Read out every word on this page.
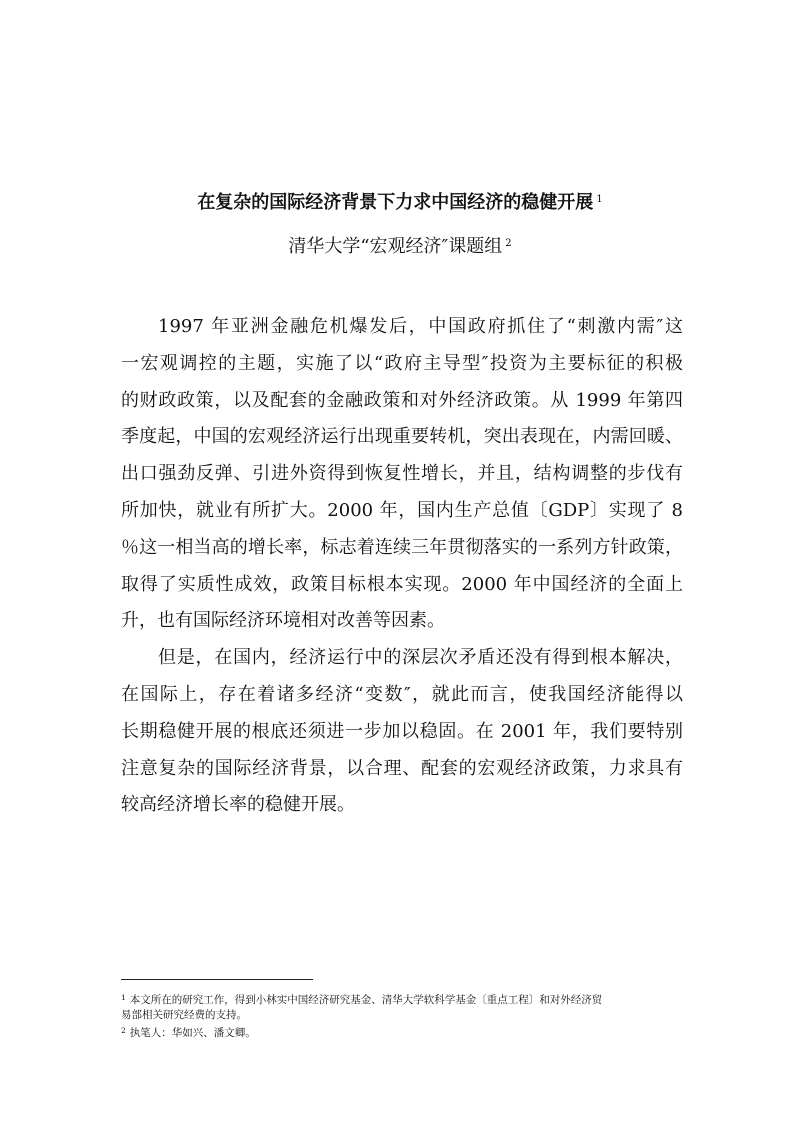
在复杂的国际经济背景下力求中国经济的稳健开展 $^1$
清华大学“宏观经济″课题组 $^2$
1997 年亚洲金融危机爆发后，中国政府抓住了“刺激内需″这
一宏观调控的主题，实施了以“政府主导型″投资为主要标征的积极
的财政政策，以及配套的金融政策和对外经济政策。从 1999 年第四
季度起，中国的宏观经济运行出现重要转机，突出表现在，内需回暖、
出口强劲反弹、引进外资得到恢复性增长，并且，结构调整的步伐有
所加快，就业有所扩大。2000 年，国内生产总值〔GDP〕实现了 8
％这一相当高的增长率，标志着连续三年贯彻落实的一系列方针政策，
取得了实质性成效，政策目标根本实现。2000 年中国经济的全面上
升，也有国际经济环境相对改善等因素。
但是，在国内，经济运行中的深层次矛盾还没有得到根本解决，
在国际上，存在着诸多经济“变数″，就此而言，使我国经济能得以
长期稳健开展的根底还须进一步加以稳固。在 2001 年，我们要特别
注意复杂的国际经济背景，以合理、配套的宏观经济政策，力求具有
较高经济增长率的稳健开展。
$^1$ 本文所在的研究工作，得到小林实中国经济研究基金、清华大学软科学基金〔重点工程〕和对外经济贸
易部相关研究经费的支持。
$^2$ 执笔人：华如兴、潘文卿。
